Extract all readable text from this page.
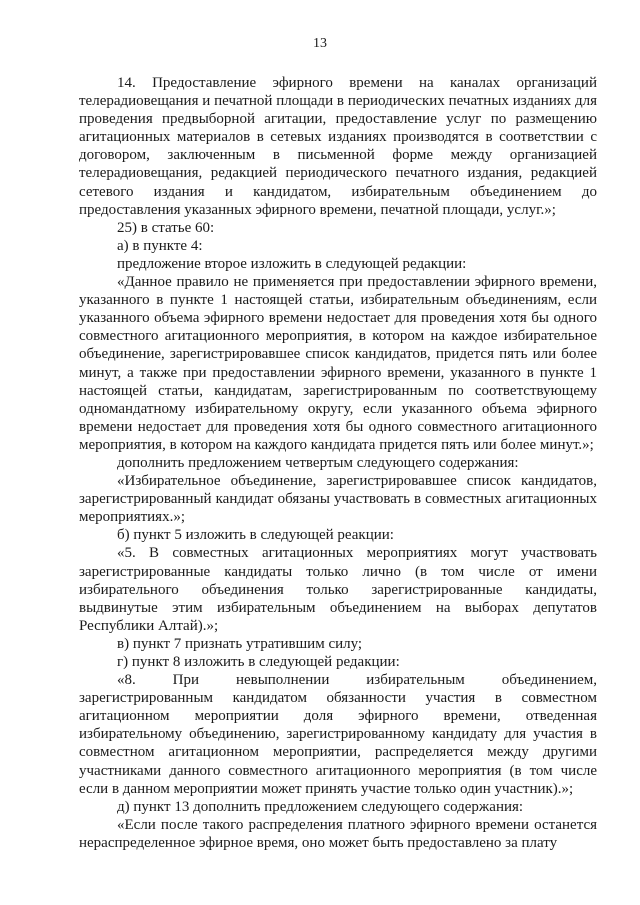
13

14. Предоставление эфирного времени на каналах организаций телерадиовещания и печатной площади в периодических печатных изданиях для проведения предвыборной агитации, предоставление услуг по размещению агитационных материалов в сетевых изданиях производятся в соответствии с договором, заключенным в письменной форме между организацией телерадиовещания, редакцией периодического печатного издания, редакцией сетевого издания и кандидатом, избирательным объединением до предоставления указанных эфирного времени, печатной площади, услуг.»;

25) в статье 60:

а) в пункте 4:

предложение второе изложить в следующей редакции:

«Данное правило не применяется при предоставлении эфирного времени, указанного в пункте 1 настоящей статьи, избирательным объединениям, если указанного объема эфирного времени недостает для проведения хотя бы одного совместного агитационного мероприятия, в котором на каждое избирательное объединение, зарегистрировавшее список кандидатов, придется пять или более минут, а также при предоставлении эфирного времени, указанного в пункте 1 настоящей статьи, кандидатам, зарегистрированным по соответствующему одномандатному избирательному округу, если указанного объема эфирного времени недостает для проведения хотя бы одного совместного агитационного мероприятия, в котором на каждого кандидата придется пять или более минут.»;

дополнить предложением четвертым следующего содержания:

«Избирательное объединение, зарегистрировавшее список кандидатов, зарегистрированный кандидат обязаны участвовать в совместных агитационных мероприятиях.»;

б) пункт 5 изложить в следующей реакции:

«5. В совместных агитационных мероприятиях могут участвовать зарегистрированные кандидаты только лично (в том числе от имени избирательного объединения только зарегистрированные кандидаты, выдвинутые этим избирательным объединением на выборах депутатов Республики Алтай).»;

в) пункт 7 признать утратившим силу;

г) пункт 8 изложить в следующей редакции:

«8. При невыполнении избирательным объединением, зарегистрированным кандидатом обязанности участия в совместном агитационном мероприятии доля эфирного времени, отведенная избирательному объединению, зарегистрированному кандидату для участия в совместном агитационном мероприятии, распределяется между другими участниками данного совместного агитационного мероприятия (в том числе если в данном мероприятии может принять участие только один участник).»;

д) пункт 13 дополнить предложением следующего содержания:

«Если после такого распределения платного эфирного времени останется нераспределенное эфирное время, оно может быть предоставлено за плату
